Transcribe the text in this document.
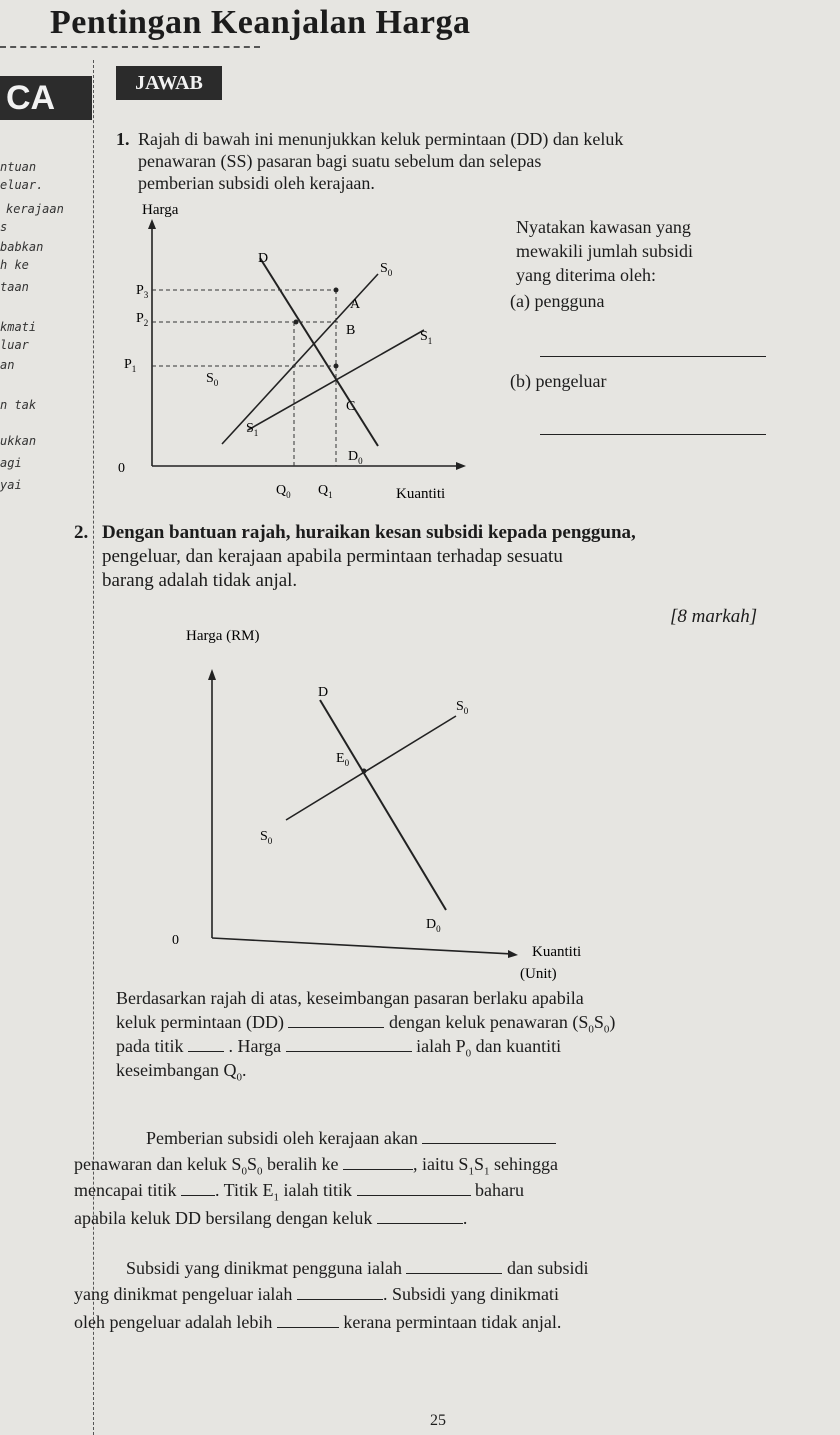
Pentingan Keanjalan Harga
CA	JAWAB
ntuan
eluar.
kerajaan
s
babkan
h ke
taan
kmati
luar
an
n tak
ukkan
agi
yai
1. Rajah di bawah ini menunjukkan keluk permintaan (DD) dan keluk
penawaran (SS) pasaran bagi suatu sebelum dan selepas
pemberian subsidi oleh kerajaan.
Nyatakan kawasan yang
mewakili jumlah subsidi
yang diterima oleh:
(a) pengguna
(b) pengeluar
Harga
Kuantiti
0
D
$S_0$
$S_1$
$S_0$
$S_1$
$D_0$
A
B
C
$P_3$
$P_2$
$P_1$
$Q_0$ $Q_1$
2. Dengan bantuan rajah, huraikan kesan subsidi kepada pengguna,
pengeluar, dan kerajaan apabila permintaan terhadap sesuatu
barang adalah tidak anjal.
[8 markah]
Harga (RM)
Kuantiti
(Unit)
0
D
$S_0$
$S_0$
$D_0$
$E_0$
Berdasarkan rajah di atas, keseimbangan pasaran berlaku apabila
keluk permintaan (DD)	dengan keluk penawaran $(S_0S_0)$
pada titik	. Harga	ialah $P_0$ dan kuantiti
keseimbangan $Q_0$.
Pemberian subsidi oleh kerajaan akan
penawaran dan keluk $S_0S_0$ beralih ke	, iaitu $S_1S_1$ sehingga
mencapai titik . Titik $E_1$ ialah titik	baharu
apabila keluk DD bersilang dengan keluk	.
Subsidi yang dinikmat pengguna ialah	dan subsidi
yang dinikmat pengeluar ialah	. Subsidi yang dinikmati
oleh pengeluar adalah lebih	kerana permintaan tidak anjal.
25
